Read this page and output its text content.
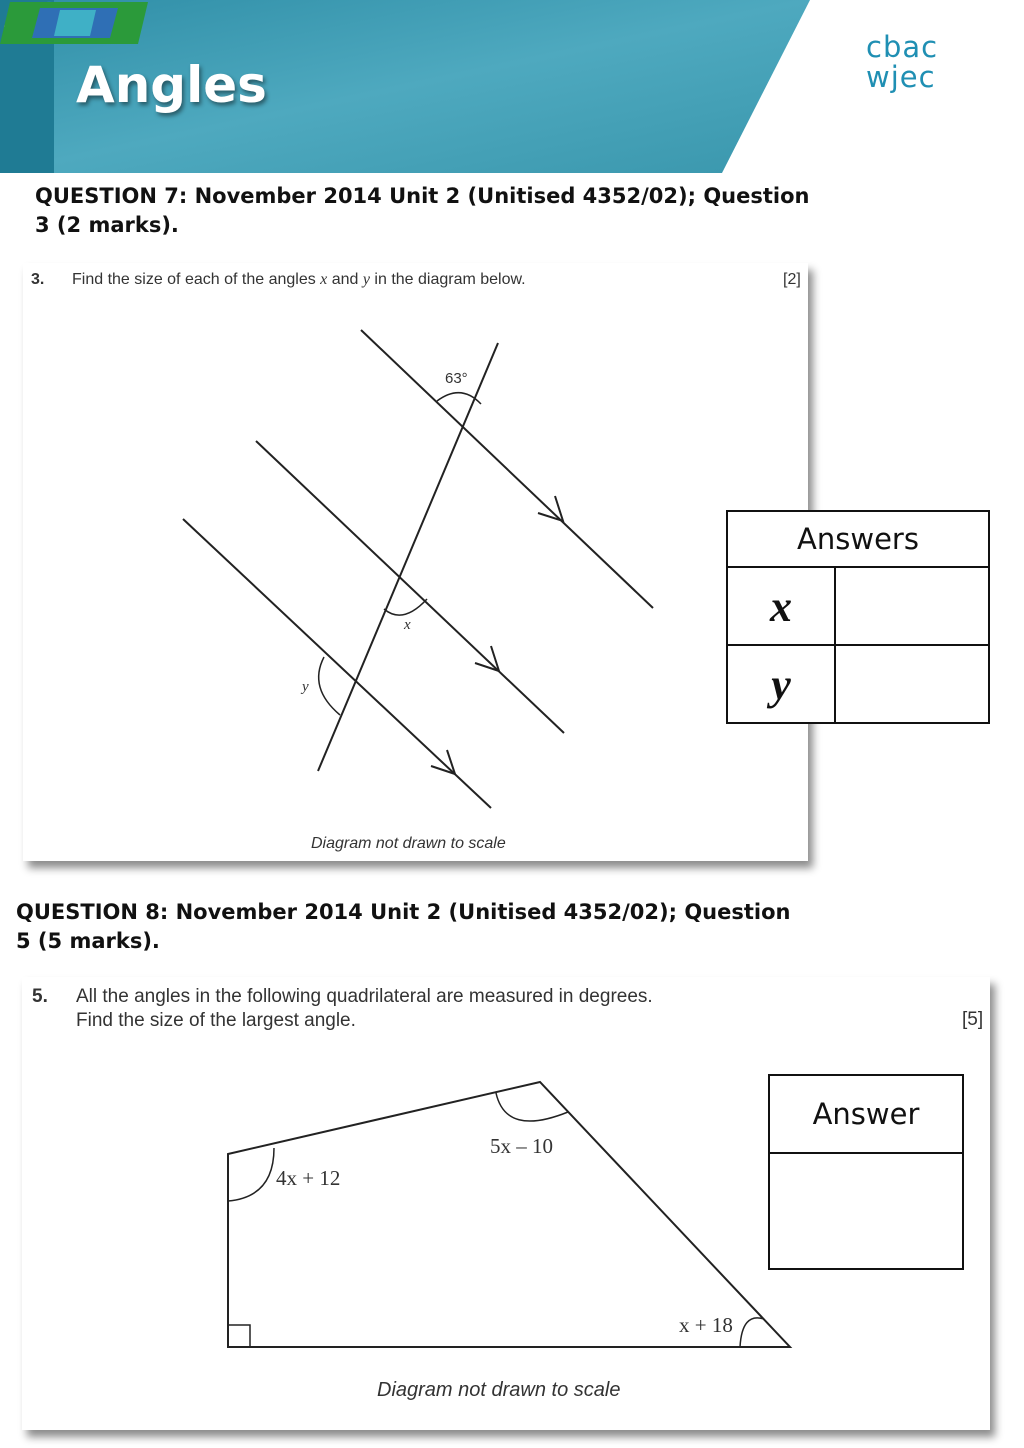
Angles
cbac
wjec
cynnal
QUESTION 7: November 2014 Unit 2 (Unitised 4352/02); Question 3 (2 marks).
3. Find the size of each of the angles x and y in the diagram below.	[2]
63°
x
y
Diagram not drawn to scale
Answers	
x	
y	
QUESTION 8: November 2014 Unit 2 (Unitised 4352/02); Question 5 (5 marks).
5. All the angles in the following quadrilateral are measured in degrees.
Find the size of the largest angle.	[5]
4x + 12
5x – 10
x + 18
Diagram not drawn to scale
Answer
